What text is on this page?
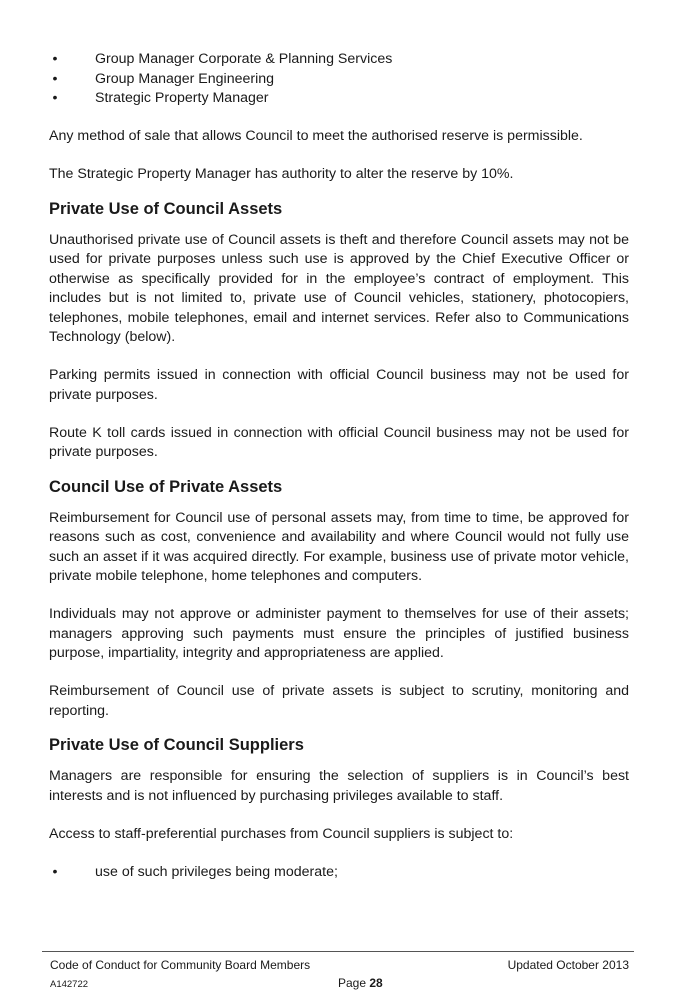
•	Group Manager Corporate & Planning Services
•	Group Manager Engineering
•	Strategic Property Manager

Any method of sale that allows Council to meet the authorised reserve is permissible.

The Strategic Property Manager has authority to alter the reserve by 10%.

Private Use of Council Assets

Unauthorised private use of Council assets is theft and therefore Council assets may not be used for private purposes unless such use is approved by the Chief Executive Officer or otherwise as specifically provided for in the employee’s contract of employment. This includes but is not limited to, private use of Council vehicles, stationery, photocopiers, telephones, mobile telephones, email and internet services. Refer also to Communications Technology (below).

Parking permits issued in connection with official Council business may not be used for private purposes.

Route K toll cards issued in connection with official Council business may not be used for private purposes.

Council Use of Private Assets

Reimbursement for Council use of personal assets may, from time to time, be approved for reasons such as cost, convenience and availability and where Council would not fully use such an asset if it was acquired directly. For example, business use of private motor vehicle, private mobile telephone, home telephones and computers.

Individuals may not approve or administer payment to themselves for use of their assets; managers approving such payments must ensure the principles of justified business purpose, impartiality, integrity and appropriateness are applied.

Reimbursement of Council use of private assets is subject to scrutiny, monitoring and reporting.

Private Use of Council Suppliers

Managers are responsible for ensuring the selection of suppliers is in Council’s best interests and is not influenced by purchasing privileges available to staff.

Access to staff-preferential purchases from Council suppliers is subject to:

•	use of such privileges being moderate;
Code of Conduct for Community Board Members	Updated October 2013
A142722	Page 28
